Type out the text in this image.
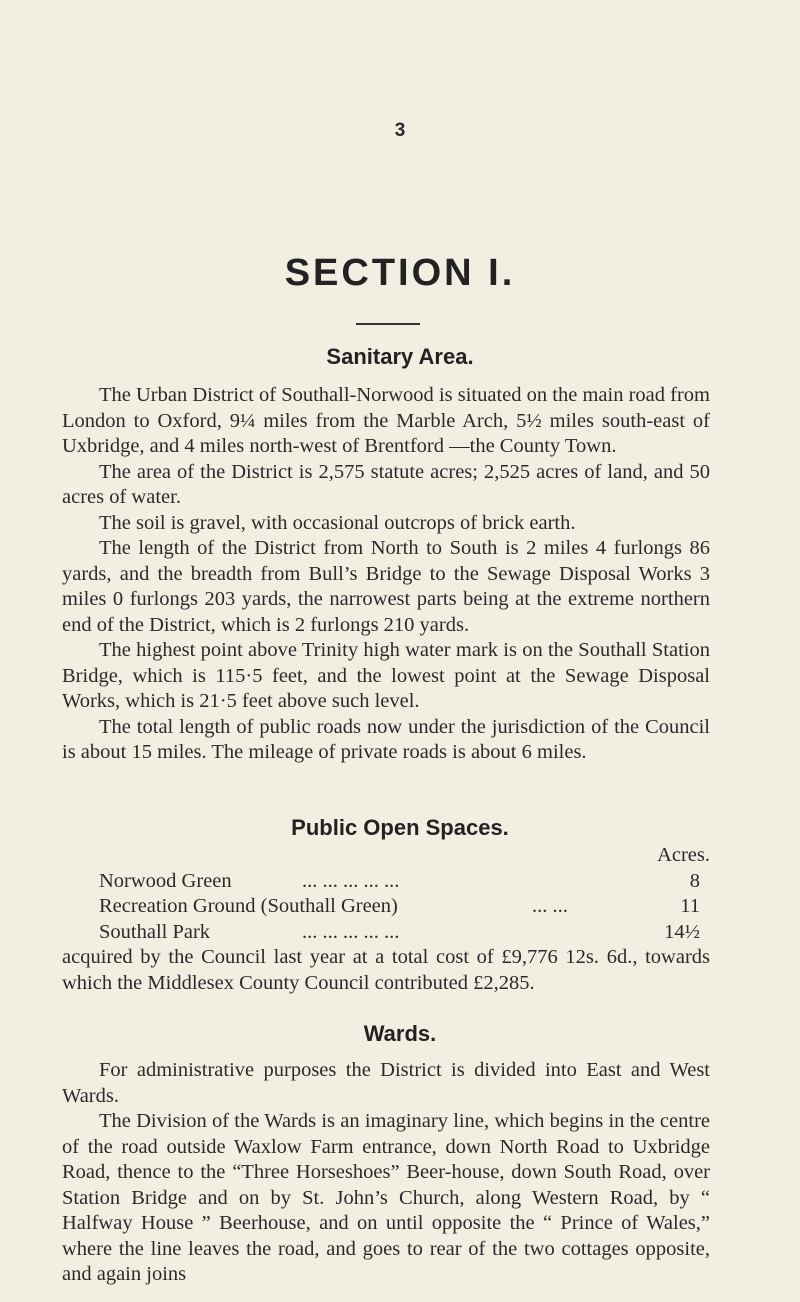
3
SECTION I.
Sanitary Area.

The Urban District of Southall-Norwood is situated on the main road from London to Oxford, 9¼ miles from the Marble Arch, 5½ miles south-east of Uxbridge, and 4 miles north-west of Brentford —the County Town.

The area of the District is 2,575 statute acres; 2,525 acres of land, and 50 acres of water.

The soil is gravel, with occasional outcrops of brick earth.

The length of the District from North to South is 2 miles 4 furlongs 86 yards, and the breadth from Bull’s Bridge to the Sewage Disposal Works 3 miles 0 furlongs 203 yards, the narrowest parts being at the extreme northern end of the District, which is 2 furlongs 210 yards.

The highest point above Trinity high water mark is on the Southall Station Bridge, which is 115·5 feet, and the lowest point at the Sewage Disposal Works, which is 21·5 feet above such level.

The total length of public roads now under the jurisdiction of the Council is about 15 miles. The mileage of private roads is about 6 miles.

Public Open Spaces.
Acres.
Norwood Green	... ... ... ... ...	8
Recreation Ground (Southall Green)	... ...	11
Southall Park	... ... ... ... ...	14½

acquired by the Council last year at a total cost of £9,776 12s. 6d., towards which the Middlesex County Council contributed £2,285.

Wards.

For administrative purposes the District is divided into East and West Wards.

The Division of the Wards is an imaginary line, which begins in the centre of the road outside Waxlow Farm entrance, down North Road to Uxbridge Road, thence to the “Three Horseshoes” Beer-house, down South Road, over Station Bridge and on by St. John’s Church, along Western Road, by “ Halfway House ” Beerhouse, and on until opposite the “ Prince of Wales,” where the line leaves the road, and goes to rear of the two cottages opposite, and again joins
